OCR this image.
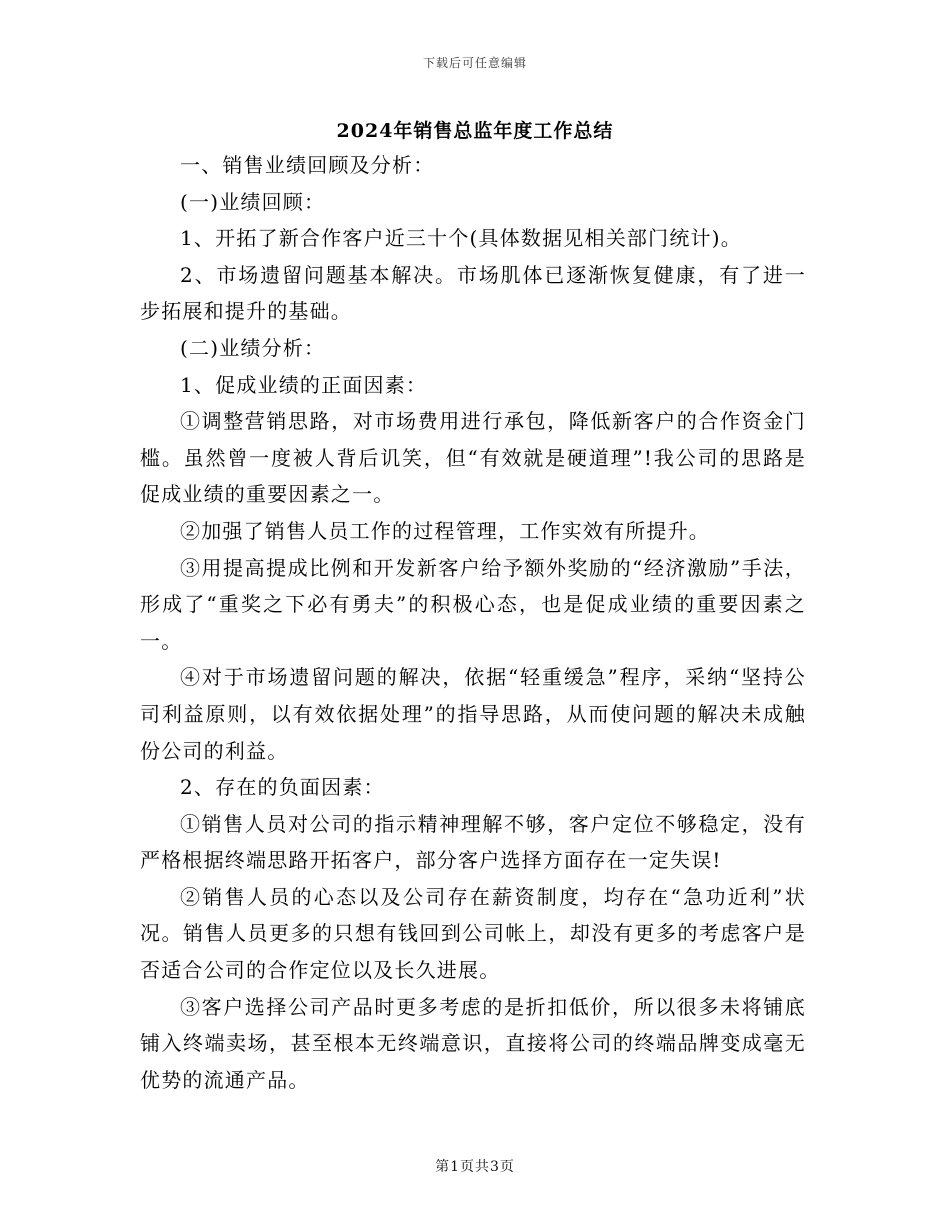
下载后可任意编辑
2024年销售总监年度工作总结

一、销售业绩回顾及分析：

(一)业绩回顾：

1、开拓了新合作客户近三十个(具体数据见相关部门统计)。

2、市场遗留问题基本解决。市场肌体已逐渐恢复健康，有了进一步拓展和提升的基础。

(二)业绩分析：

1、促成业绩的正面因素：

①调整营销思路，对市场费用进行承包，降低新客户的合作资金门槛。虽然曾一度被人背后讥笑，但“有效就是硬道理”!我公司的思路是促成业绩的重要因素之一。

②加强了销售人员工作的过程管理，工作实效有所提升。

③用提高提成比例和开发新客户给予额外奖励的“经济激励”手法，形成了“重奖之下必有勇夫”的积极心态，也是促成业绩的重要因素之一。

④对于市场遗留问题的解决，依据“轻重缓急”程序，采纳“坚持公司利益原则，以有效依据处理”的指导思路，从而使问题的解决未成触份公司的利益。

2、存在的负面因素：

①销售人员对公司的指示精神理解不够，客户定位不够稳定，没有严格根据终端思路开拓客户，部分客户选择方面存在一定失误!

②销售人员的心态以及公司存在薪资制度，均存在“急功近利”状况。销售人员更多的只想有钱回到公司帐上，却没有更多的考虑客户是否适合公司的合作定位以及长久进展。

③客户选择公司产品时更多考虑的是折扣低价，所以很多未将铺底铺入终端卖场，甚至根本无终端意识，直接将公司的终端品牌变成毫无优势的流通产品。

第1页共3页
